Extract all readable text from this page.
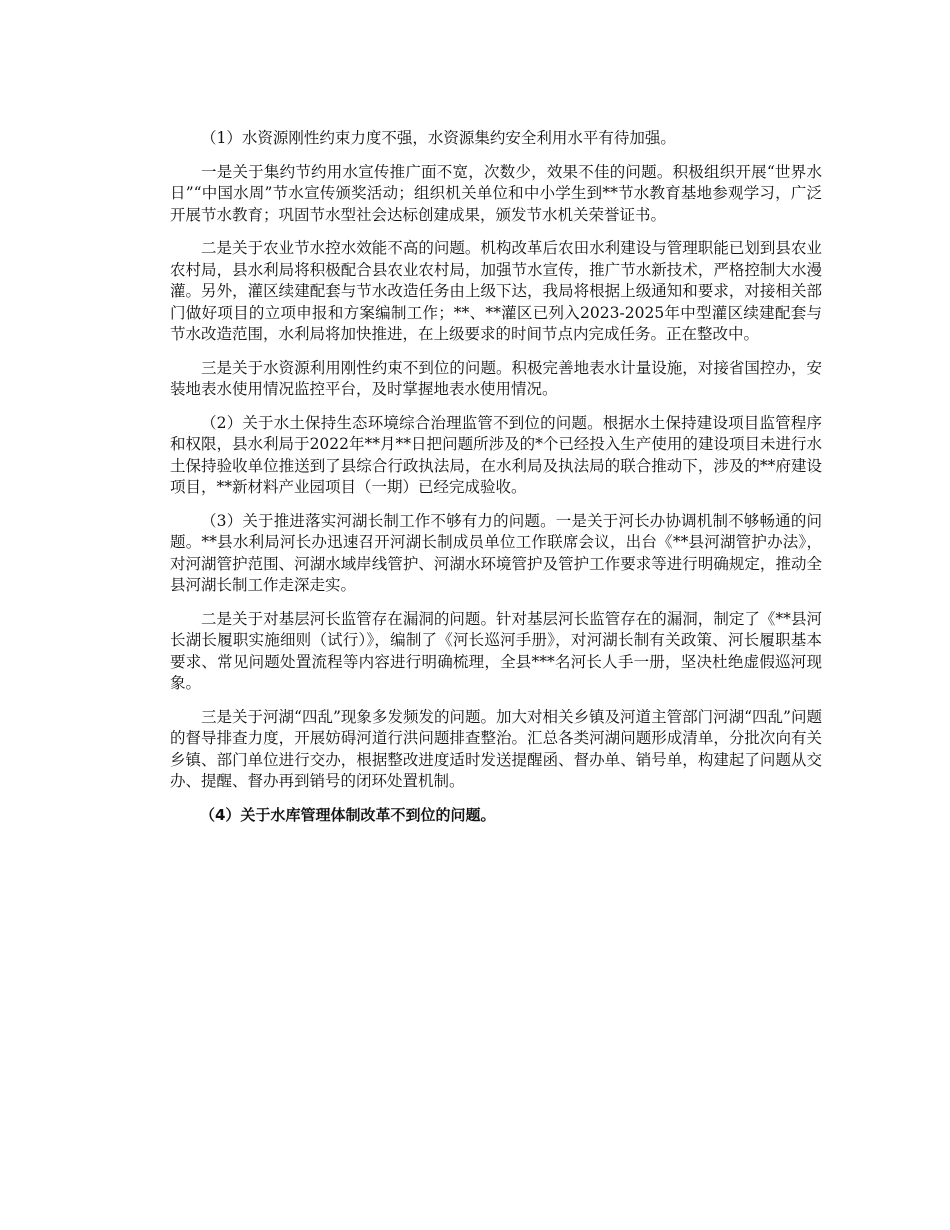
（1）水资源刚性约束力度不强，水资源集约安全利用水平有待加强。

一是关于集约节约用水宣传推广面不宽，次数少，效果不佳的问题。积极组织开展“世界水日”“中国水周”节水宣传颁奖活动；组织机关单位和中小学生到**节水教育基地参观学习，广泛开展节水教育；巩固节水型社会达标创建成果，颁发节水机关荣誉证书。

二是关于农业节水控水效能不高的问题。机构改革后农田水利建设与管理职能已划到县农业农村局，县水利局将积极配合县农业农村局，加强节水宣传，推广节水新技术，严格控制大水漫灌。另外，灌区续建配套与节水改造任务由上级下达，我局将根据上级通知和要求，对接相关部门做好项目的立项申报和方案编制工作；**、**灌区已列入2023-2025年中型灌区续建配套与节水改造范围，水利局将加快推进，在上级要求的时间节点内完成任务。正在整改中。

三是关于水资源利用刚性约束不到位的问题。积极完善地表水计量设施，对接省国控办，安装地表水使用情况监控平台，及时掌握地表水使用情况。

（2）关于水土保持生态环境综合治理监管不到位的问题。根据水土保持建设项目监管程序和权限，县水利局于2022年**月**日把问题所涉及的*个已经投入生产使用的建设项目未进行水土保持验收单位推送到了县综合行政执法局，在水利局及执法局的联合推动下，涉及的**府建设项目，**新材料产业园项目（一期）已经完成验收。

（3）关于推进落实河湖长制工作不够有力的问题。一是关于河长办协调机制不够畅通的问题。**县水利局河长办迅速召开河湖长制成员单位工作联席会议，出台《**县河湖管护办法》，对河湖管护范围、河湖水域岸线管护、河湖水环境管护及管护工作要求等进行明确规定，推动全县河湖长制工作走深走实。

二是关于对基层河长监管存在漏洞的问题。针对基层河长监管存在的漏洞，制定了《**县河长湖长履职实施细则（试行）》，编制了《河长巡河手册》，对河湖长制有关政策、河长履职基本要求、常见问题处置流程等内容进行明确梳理，全县***名河长人手一册，坚决杜绝虚假巡河现象。

三是关于河湖“四乱”现象多发频发的问题。加大对相关乡镇及河道主管部门河湖“四乱”问题的督导排查力度，开展妨碍河道行洪问题排查整治。汇总各类河湖问题形成清单，分批次向有关乡镇、部门单位进行交办，根据整改进度适时发送提醒函、督办单、销号单，构建起了问题从交办、提醒、督办再到销号的闭环处置机制。

（4）关于水库管理体制改革不到位的问题。
